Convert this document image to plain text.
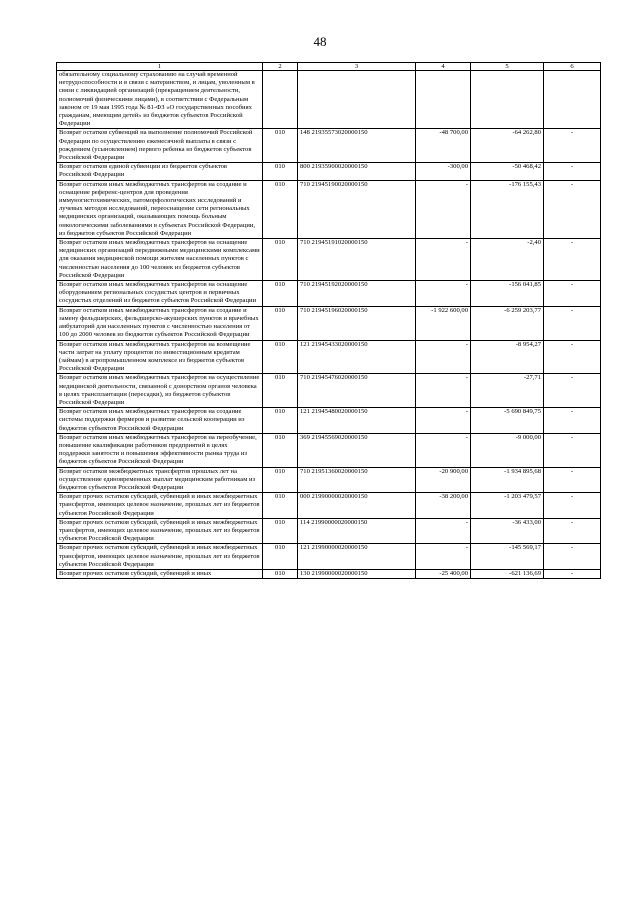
48
1	2	3	4	5	6
обязательному социальному страхованию на случай временной нетрудоспособности и в связи с материнством, и лицам, уволенным в связи с ликвидацией организаций (прекращением деятельности, полномочий физическими лицами), в соответствии с Федеральным законом от 19 мая 1995 года № 81-ФЗ «О государственных пособиях гражданам, имеющим детей» из бюджетов субъектов Российской Федерации					
Возврат остатков субвенций на выполнение полномочий Российской Федерации по осуществлению ежемесячной выплаты в связи с рождением (усыновлением) первого ребенка из бюджетов субъектов Российской Федерации	010	148 21935573020000150	-48 700,00	-64 262,80	-
Возврат остатков единой субвенции из бюджетов субъектов Российской Федерации	010	800 21935900020000150	-300,00	-50 468,42	-
Возврат остатков иных межбюджетных трансфертов на создание и оснащение референс-центров для проведения иммуногистохимических, патоморфологических исследований и лучевых методов исследований, переоснащение сети региональных медицинских организаций, оказывающих помощь больным онкологическими заболеваниями в субъектах Российской Федерации, из бюджетов субъектов Российской Федерации	010	710 21945190020000150	-	-176 155,43	-
Возврат остатков иных межбюджетных трансфертов на оснащение медицинских организаций передвижными медицинскими комплексами для оказания медицинской помощи жителям населенных пунктов с численностью населения до 100 человек из бюджетов субъектов Российской Федерации	010	710 21945191020000150	-	-2,40	-
Возврат остатков иных межбюджетных трансфертов на оснащение оборудованием региональных сосудистых центров и первичных сосудистых отделений из бюджетов субъектов Российской Федерации	010	710 21945192020000150	-	-156 041,85	-
Возврат остатков иных межбюджетных трансфертов на создание и замену фельдшерских, фельдшерско-акушерских пунктов и врачебных амбулаторий для населенных пунктов с численностью населения от 100 до 2000 человек из бюджетов субъектов Российской Федерации	010	710 21945196020000150	-1 922 600,00	-6 259 203,77	-
Возврат остатков иных межбюджетных трансфертов на возмещение части затрат на уплату процентов по инвестиционным кредитам (займам) в агропромышленном комплексе из бюджетов субъектов Российской Федерации	010	121 21945433020000150	-	-8 954,27	-
Возврат остатков иных межбюджетных трансфертов на осуществление медицинской деятельности, связанной с донорством органов человека в целях трансплантации (пересадки), из бюджетов субъектов Российской Федерации	010	710 21945476020000150	-	-27,71	-
Возврат остатков иных межбюджетных трансфертов на создание системы поддержки фермеров и развитие сельской кооперации из бюджетов субъектов Российской Федерации	010	121 21945480020000150	-	-5 690 849,75	-
Возврат остатков иных межбюджетных трансфертов на переобучение, повышение квалификации работников предприятий в целях поддержки занятости и повышения эффективности рынка труда из бюджетов субъектов Российской Федерации	010	369 21945569020000150	-	-9 000,00	-
Возврат остатков межбюджетных трансфертов прошлых лет на осуществление единовременных выплат медицинским работникам из бюджетов субъектов Российской Федерации	010	710 21951360020000150	-20 900,00	-1 934 895,68	-
Возврат прочих остатков субсидий, субвенций и иных межбюджетных трансфертов, имеющих целевое назначение, прошлых лет из бюджетов субъектов Российской Федерации	010	000 21990000020000150	-38 200,00	-1 203 479,57	-
Возврат прочих остатков субсидий, субвенций и иных межбюджетных трансфертов, имеющих целевое назначение, прошлых лет из бюджетов субъектов Российской Федерации	010	114 21990000020000150	-	-36 433,00	-
Возврат прочих остатков субсидий, субвенций и иных межбюджетных трансфертов, имеющих целевое назначение, прошлых лет из бюджетов субъектов Российской Федерации	010	121 21990000020000150	-	-145 569,17	-
Возврат прочих остатков субсидий, субвенций и иных	010	130 21990000020000150	-25 400,00	-621 136,69	-
